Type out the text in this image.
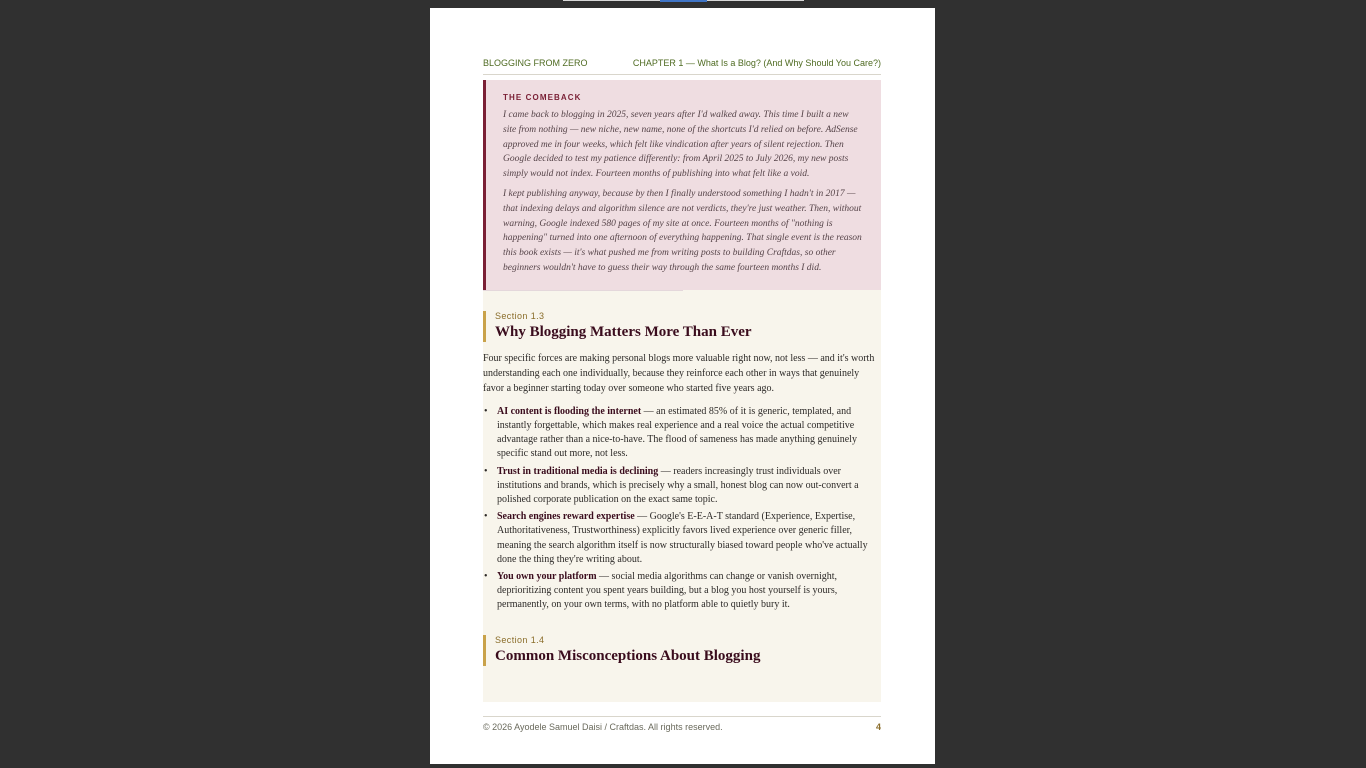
BLOGGING FROM ZERO	CHAPTER 1 — What Is a Blog? (And Why Should You Care?)
THE COMEBACK

I came back to blogging in 2025, seven years after I'd walked away. This time I built a new site from nothing — new niche, new name, none of the shortcuts I'd relied on before. AdSense approved me in four weeks, which felt like vindication after years of silent rejection. Then Google decided to test my patience differently: from April 2025 to July 2026, my new posts simply would not index. Fourteen months of publishing into what felt like a void.

I kept publishing anyway, because by then I finally understood something I hadn't in 2017 — that indexing delays and algorithm silence are not verdicts, they're just weather. Then, without warning, Google indexed 580 pages of my site at once. Fourteen months of "nothing is happening" turned into one afternoon of everything happening. That single event is the reason this book exists — it's what pushed me from writing posts to building Craftdas, so other beginners wouldn't have to guess their way through the same fourteen months I did.

Section 1.3
Why Blogging Matters More Than Ever

Four specific forces are making personal blogs more valuable right now, not less — and it's worth understanding each one individually, because they reinforce each other in ways that genuinely favor a beginner starting today over someone who started five years ago.

• AI content is flooding the internet — an estimated 85% of it is generic, templated, and instantly forgettable, which makes real experience and a real voice the actual competitive advantage rather than a nice-to-have. The flood of sameness has made anything genuinely specific stand out more, not less.
• Trust in traditional media is declining — readers increasingly trust individuals over institutions and brands, which is precisely why a small, honest blog can now out-convert a polished corporate publication on the exact same topic.
• Search engines reward expertise — Google's E-E-A-T standard (Experience, Expertise, Authoritativeness, Trustworthiness) explicitly favors lived experience over generic filler, meaning the search algorithm itself is now structurally biased toward people who've actually done the thing they're writing about.
• You own your platform — social media algorithms can change or vanish overnight, deprioritizing content you spent years building, but a blog you host yourself is yours, permanently, on your own terms, with no platform able to quietly bury it.
Section 1.4
Common Misconceptions About Blogging
© 2026 Ayodele Samuel Daisi / Craftdas. All rights reserved.	4
